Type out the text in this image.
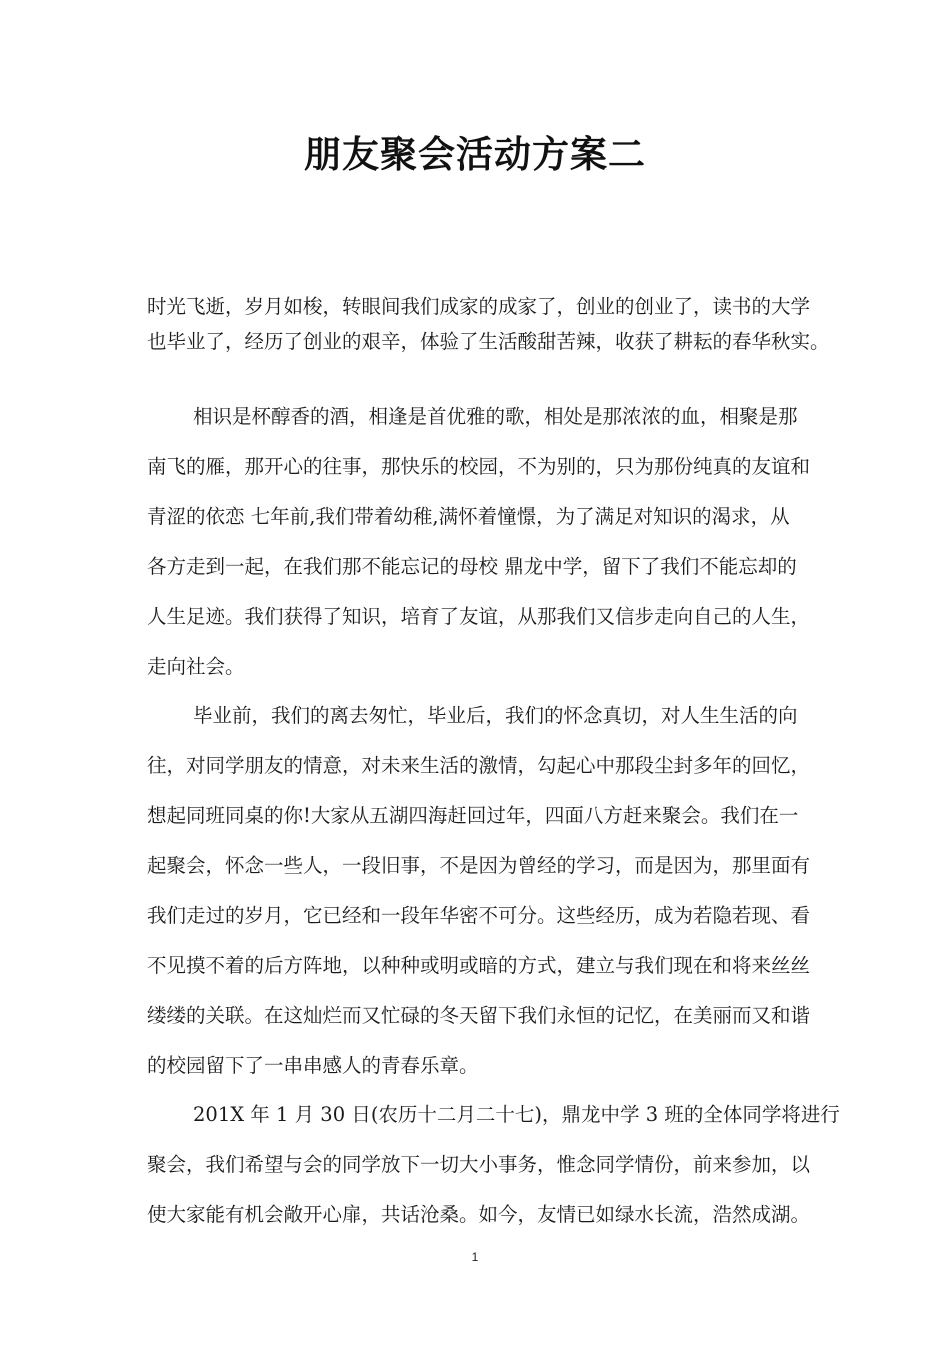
朋友聚会活动方案二
时光飞逝，岁月如梭，转眼间我们成家的成家了，创业的创业了，读书的大学
也毕业了，经历了创业的艰辛，体验了生活酸甜苦辣，收获了耕耘的春华秋实。
相识是杯醇香的酒，相逢是首优雅的歌，相处是那浓浓的血，相聚是那
南飞的雁，那开心的往事，那快乐的校园，不为别的，只为那份纯真的友谊和
青涩的依恋 七年前,我们带着幼稚,满怀着憧憬，为了满足对知识的渴求，从
各方走到一起，在我们那不能忘记的母校 鼎龙中学，留下了我们不能忘却的
人生足迹。我们获得了知识，培育了友谊，从那我们又信步走向自己的人生，
走向社会。
毕业前，我们的离去匆忙，毕业后，我们的怀念真切，对人生生活的向
往，对同学朋友的情意，对未来生活的激情，勾起心中那段尘封多年的回忆，
想起同班同桌的你!大家从五湖四海赶回过年，四面八方赶来聚会。我们在一
起聚会，怀念一些人，一段旧事，不是因为曾经的学习，而是因为，那里面有
我们走过的岁月，它已经和一段年华密不可分。这些经历，成为若隐若现、看
不见摸不着的后方阵地，以种种或明或暗的方式，建立与我们现在和将来丝丝
缕缕的关联。在这灿烂而又忙碌的冬天留下我们永恒的记忆，在美丽而又和谐
的校园留下了一串串感人的青春乐章。
201X 年 1 月 30 日(农历十二月二十七)，鼎龙中学 3 班的全体同学将进行
聚会，我们希望与会的同学放下一切大小事务，惟念同学情份，前来参加，以
使大家能有机会敞开心扉，共话沧桑。如今，友情已如绿水长流，浩然成湖。
1
